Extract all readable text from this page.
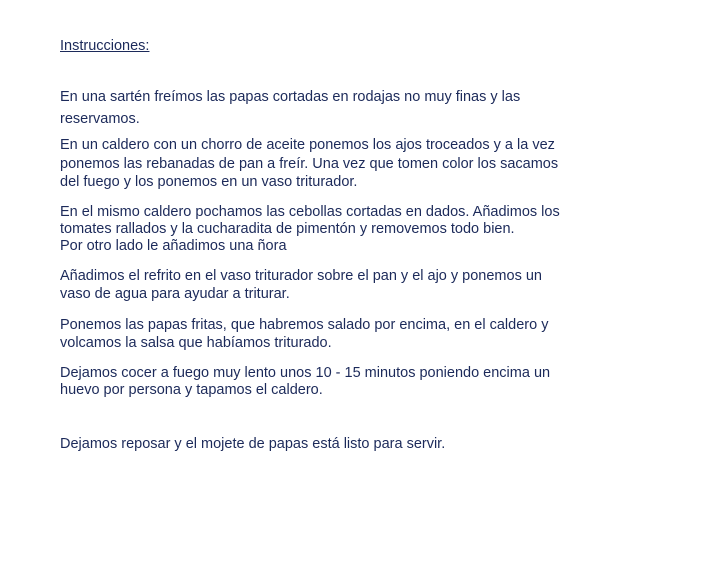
Instrucciones:

En una sartén freímos las papas cortadas en rodajas no muy finas y las
reservamos.

En un caldero con un chorro de aceite ponemos los ajos troceados y a la vez
ponemos las rebanadas de pan a freír. Una vez que tomen color los sacamos
del fuego y los ponemos en un vaso triturador.

En el mismo caldero pochamos las cebollas cortadas en dados. Añadimos los
tomates rallados y la cucharadita de pimentón y removemos todo bien.
Por otro lado le añadimos una ñora

Añadimos el refrito en el vaso triturador sobre el pan y el ajo y ponemos un
vaso de agua para ayudar a triturar.

Ponemos las papas fritas, que habremos salado por encima, en el caldero y
volcamos la salsa que habíamos triturado.

Dejamos cocer a fuego muy lento unos 10 - 15 minutos poniendo encima un
huevo por persona y tapamos el caldero.

Dejamos reposar y el mojete de papas está listo para servir.
